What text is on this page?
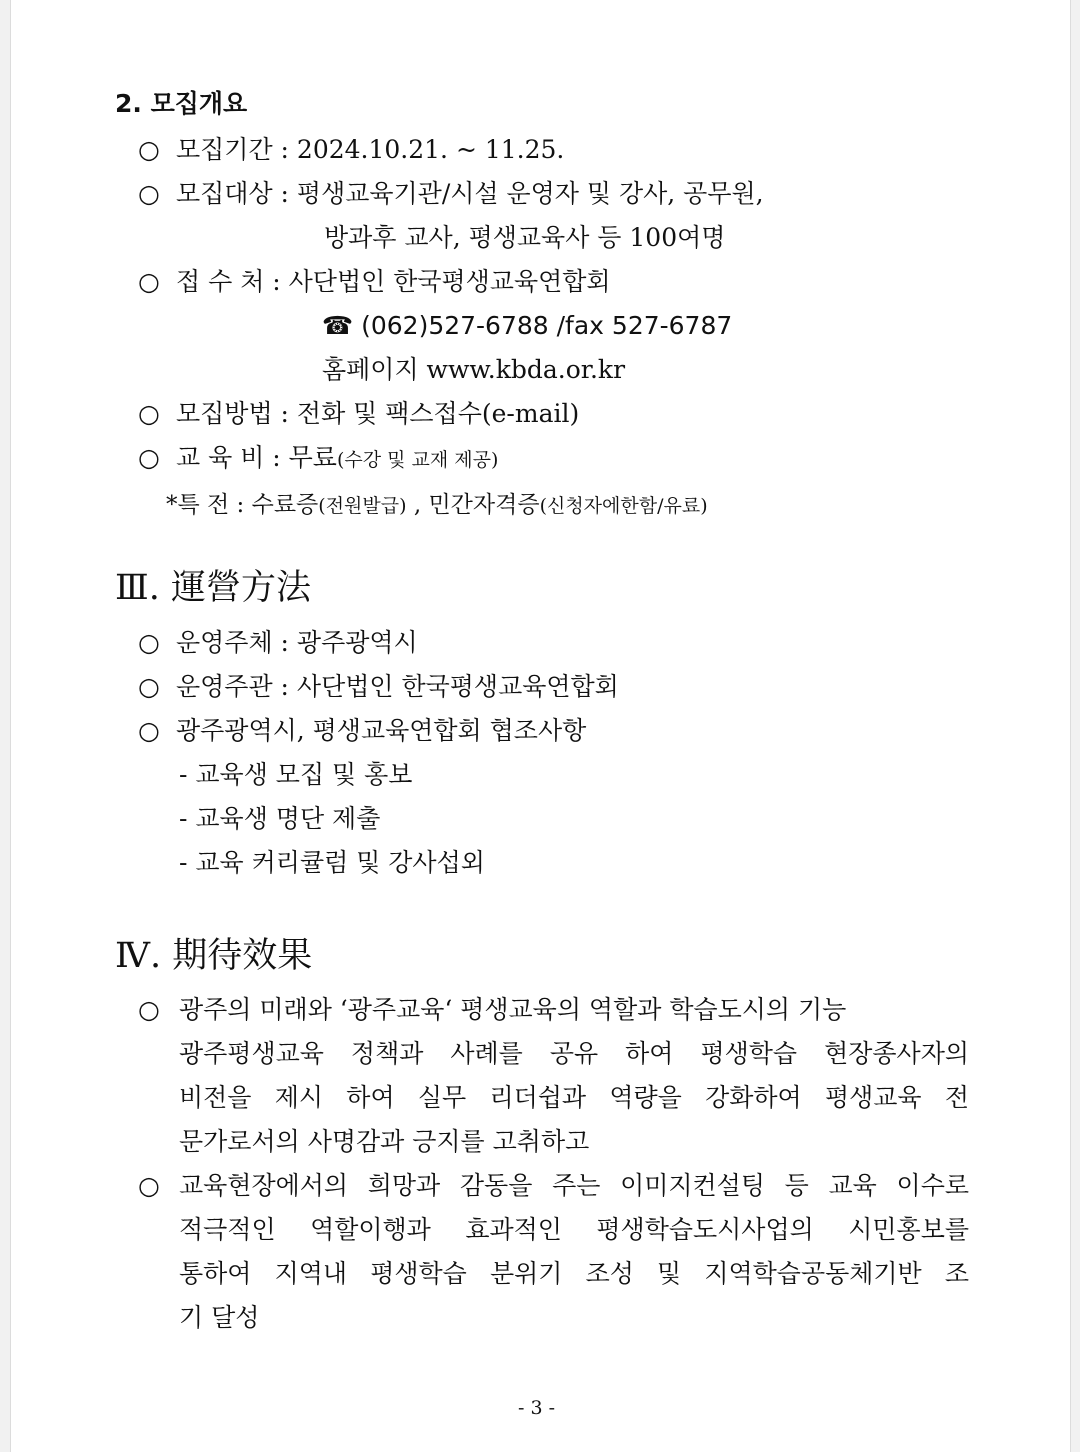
2. 모집개요
○ 모집기간 : 2024.10.21. ~ 11.25.
○ 모집대상 : 평생교육기관/시설 운영자 및 강사, 공무원,
방과후 교사, 평생교육사 등 100여명
○ 접 수 처 : 사단법인 한국평생교육연합회
☎ (062)527-6788 /fax 527-6787
홈페이지 www.kbda.or.kr
○ 모집방법 : 전화 및 팩스접수(e-mail)
○ 교 육 비 : 무료(수강 및 교재 제공)
*특 전 : 수료증(전원발급) , 민간자격증(신청자에한함/유료)
Ⅲ. 運營方法
○ 운영주체 : 광주광역시
○ 운영주관 : 사단법인 한국평생교육연합회
○ 광주광역시, 평생교육연합회 협조사항
- 교육생 모집 및 홍보
- 교육생 명단 제출
- 교육 커리큘럼 및 강사섭외
Ⅳ. 期待效果
○ 광주의 미래와 ‘광주교육‘ 평생교육의 역할과 학습도시의 기능
광주평생교육 정책과 사례를 공유 하여 평생학습 현장종사자의
비전을 제시 하여 실무 리더쉽과 역량을 강화하여 평생교육 전
문가로서의 사명감과 긍지를 고취하고
○ 교육현장에서의 희망과 감동을 주는 이미지컨설팅 등 교육 이수로
적극적인 역할이행과 효과적인 평생학습도시사업의 시민홍보를
통하여 지역내 평생학습 분위기 조성 및 지역학습공동체기반 조
기 달성
- 3 -
